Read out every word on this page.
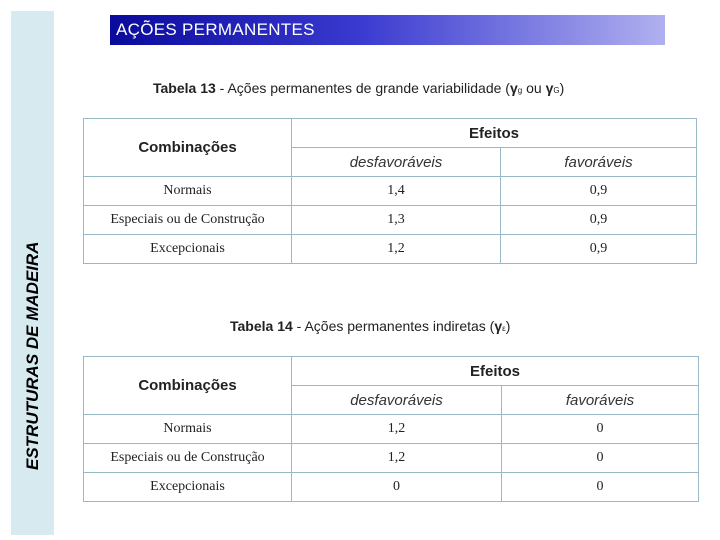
ESTRUTURAS DE MADEIRA
AÇÕES PERMANENTES
Tabela 13 - Ações permanentes de grande variabilidade (γg ou γG)
Combinações	Efeitos	
	desfavoráveis	favoráveis
Normais	1,4	0,9
Especiais ou de Construção	1,3	0,9
Excepcionais	1,2	0,9
Tabela 14 - Ações permanentes indiretas (γε)
Combinações	Efeitos	
	desfavoráveis	favoráveis
Normais	1,2	0
Especiais ou de Construção	1,2	0
Excepcionais	0	0
